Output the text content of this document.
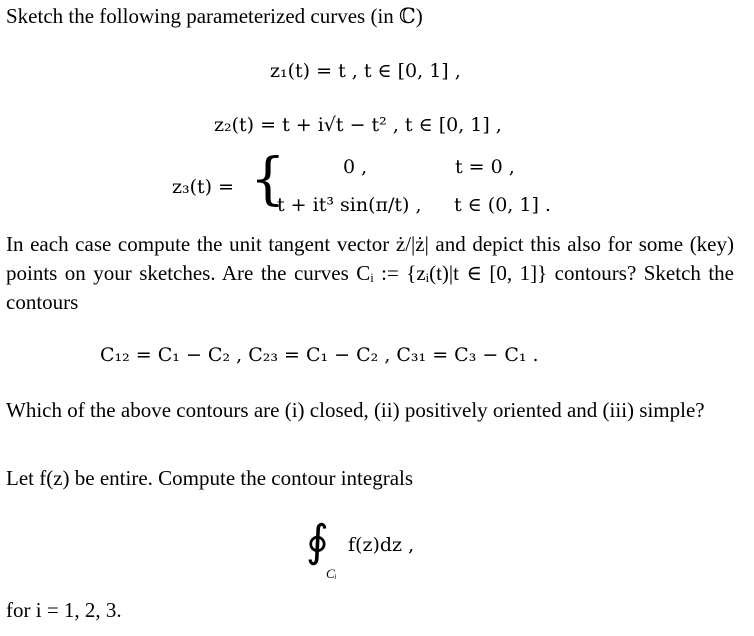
Sketch the following parameterized curves (in ℂ)
z₁(t) = t , t ∈ [0, 1] ,
z₂(t) = t + i√t − t² , t ∈ [0, 1] ,
z₃(t) = {	0 ,	t = 0 ,
t + it³ sin(π/t) , t ∈ (0, 1] .
In each case compute the unit tangent vector ż/|ż| and depict this also for some (key) points on your sketches. Are the curves Cᵢ := {zᵢ(t)|t ∈ [0, 1]} contours? Sketch the contours
C₁₂ = C₁ − C₂ , C₂₃ = C₁ − C₂ , C₃₁ = C₃ − C₁ .
Which of the above contours are (i) closed, (ii) positively oriented and (iii) simple?
Let f(z) be entire. Compute the contour integrals
∮
Cᵢ
f(z)dz ,
for i = 1, 2, 3.
